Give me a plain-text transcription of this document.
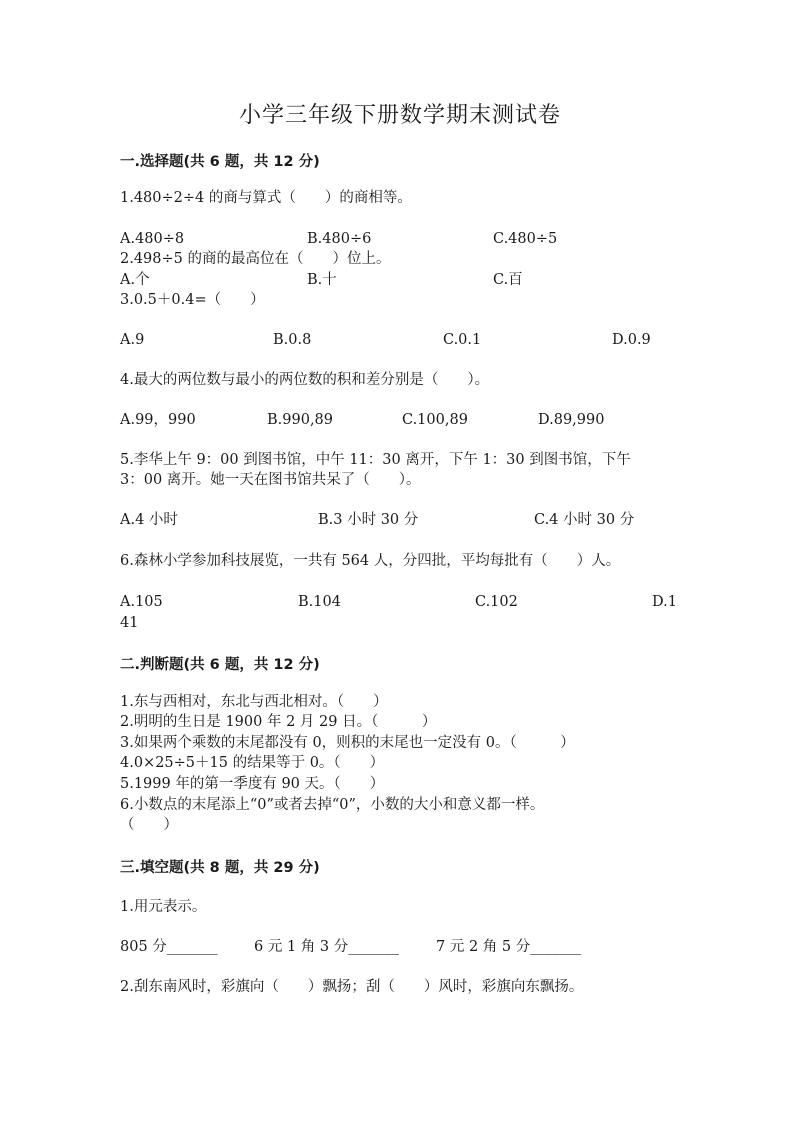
小学三年级下册数学期末测试卷
一.选择题(共 6 题，共 12 分)
1.480÷2÷4 的商与算式（　　）的商相等。
A.480÷8	B.480÷6	C.480÷5
2.498÷5 的商的最高位在（　　）位上。
A.个	B.十	C.百
3.0.5＋0.4=（　　）
A.9	B.0.8	C.0.1	D.0.9
4.最大的两位数与最小的两位数的积和差分别是（　　）。
A.99，990	B.990,89	C.100,89	D.89,990
5.李华上午 9：00 到图书馆，中午 11：30 离开，下午 1：30 到图书馆，下午
3：00 离开。她一天在图书馆共呆了（　　）。
A.4 小时	B.3 小时 30 分	C.4 小时 30 分
6.森林小学参加科技展览，一共有 564 人，分四批，平均每批有（　　）人。
A.105	B.104	C.102	D.1
41
二.判断题(共 6 题，共 12 分)
1.东与西相对，东北与西北相对。（　　）
2.明明的生日是 1900 年 2 月 29 日。（　　　）
3.如果两个乘数的末尾都没有 0，则积的末尾也一定没有 0。（　　　）
4.0×25÷5＋15 的结果等于 0。（　　）
5.1999 年的第一季度有 90 天。（　　）
6.小数点的末尾添上“0”或者去掉“0”，小数的大小和意义都一样。
（　　）
三.填空题(共 8 题，共 29 分)
1.用元表示。
805 分_______	6 元 1 角 3 分_______	7 元 2 角 5 分_______
2.刮东南风时，彩旗向（　　）飘扬；刮（　　）风时，彩旗向东飘扬。
